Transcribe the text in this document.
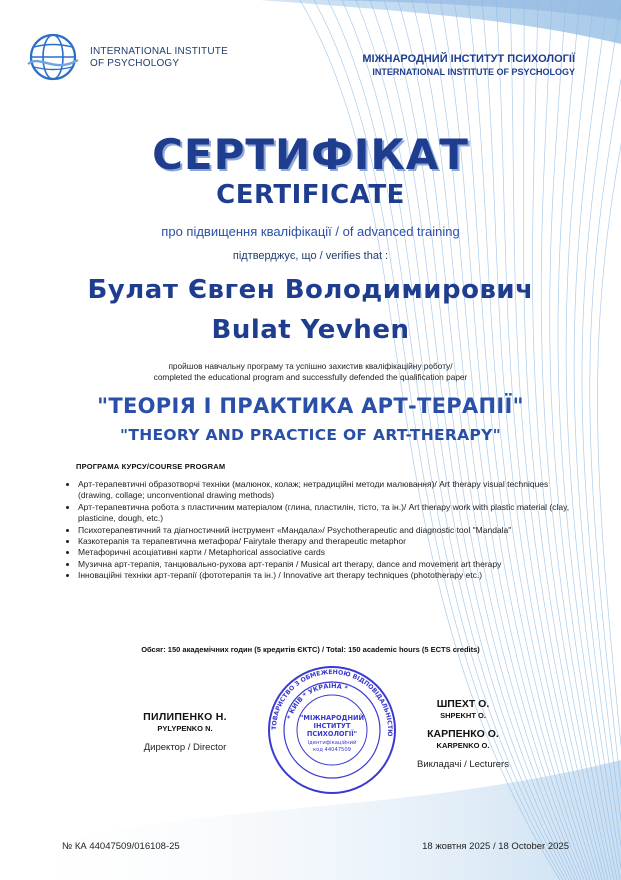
INTERNATIONAL INSTITUTE
OF PSYCHOLOGY	МІЖНАРОДНИЙ ІНСТИТУТ ПСИХОЛОГІЇ
INTERNATIONAL INSTITUTE OF PSYCHOLOGY
СЕРТИФІКАТ
CERTIFICATE
про підвищення кваліфікації / of advanced training
підтверджує, що / verifies that :
Булат Євген Володимирович
Bulat Yevhen
пройшов навчальну програму та успішно захистив кваліфікаційну роботу/
completed the educational program and successfully defended the qualification paper
"ТЕОРІЯ І ПРАКТИКА АРТ-ТЕРАПІЇ"
"THEORY AND PRACTICE OF ART-THERAPY"
ПРОГРАМА КУРСУ/COURSE PROGRAM
• Арт-терапевтичні образотворчі техніки (малюнок, колаж; нетрадиційні методи малювання)/ Art therapy visual techniques (drawing, collage; unconventional drawing methods)
• Арт-терапевтична робота з пластичним матеріалом (глина, пластилін, тісто, та ін.)/ Art therapy work with plastic material (clay, plasticine, dough, etc.)
• Психотерапевтичний та діагностичний інструмент «Мандала»/ Psychotherapeutic and diagnostic tool "Mandala"
• Казкотерапія та терапевтична метафора/ Fairytale therapy and therapeutic metaphor
• Метафоричні асоціативні карти / Metaphorical associative cards
• Музична арт-терапія, танцювально-рухова арт-терапія / Musical art therapy, dance and movement art therapy
• Інноваційні техніки арт-терапії (фототерапія та ін.) / Innovative art therapy techniques (phototherapy etc.)
Обсяг: 150 академічних годин (5 кредитів ЄКТС) / Total: 150 academic hours (5 ECTS credits)
ПИЛИПЕНКО Н.
PYLYPENKO N.
Директор / Director
ТОВАРИСТВО З ОБМЕЖЕНОЮ ВІДПОВІДАЛЬНІСТЮ
* КИЇВ * УКРАЇНА *
"МІЖНАРОДНИЙ
ІНСТИТУТ
ПСИХОЛОГІЇ"
Ідентифікаційний
код 44047509
ШПЕХТ О.
SHPEKHT O.
КАРПЕНКО О.
KARPENKO O.
Викладачі / Lecturers
№ КА 44047509/016108-25	18 жовтня 2025 / 18 October 2025
